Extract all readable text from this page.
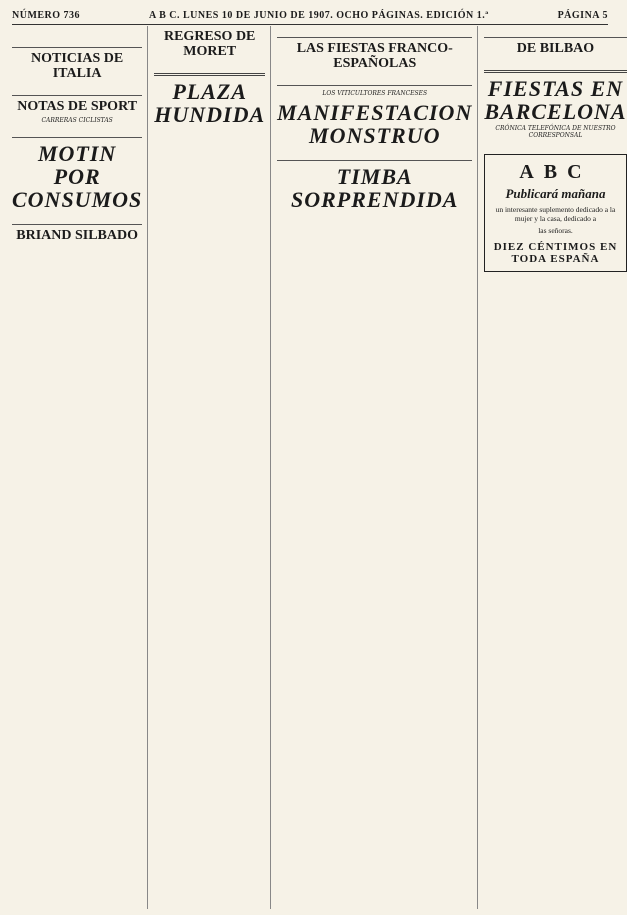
NÚMERO 736	A B C. LUNES 10 DE JUNIO DE 1907. OCHO PÁGINAS. EDICIÓN 1.ª	PÁGINA 5

NOTICIAS DE ITALIA

NOTAS DE SPORT
CARRERAS CICLISTAS

MOTIN POR CONSUMOS

BRIAND SILBADO

REGRESO DE MORET

PLAZA HUNDIDA

LAS FIESTAS FRANCO-ESPAÑOLAS

LOS VITICULTORES FRANCESES
MANIFESTACION MONSTRUO

TIMBA SORPRENDIDA

DE BILBAO

FIESTAS EN BARCELONA
CRÓNICA TELEFÓNICA DE NUESTRO CORRESPONSAL

ABC
Publicará mañana
un interesante suplemento dedicado a la mujer y la casa, dedicado a
las señoras.
DIEZ CÉNTIMOS EN TODA ESPAÑA
